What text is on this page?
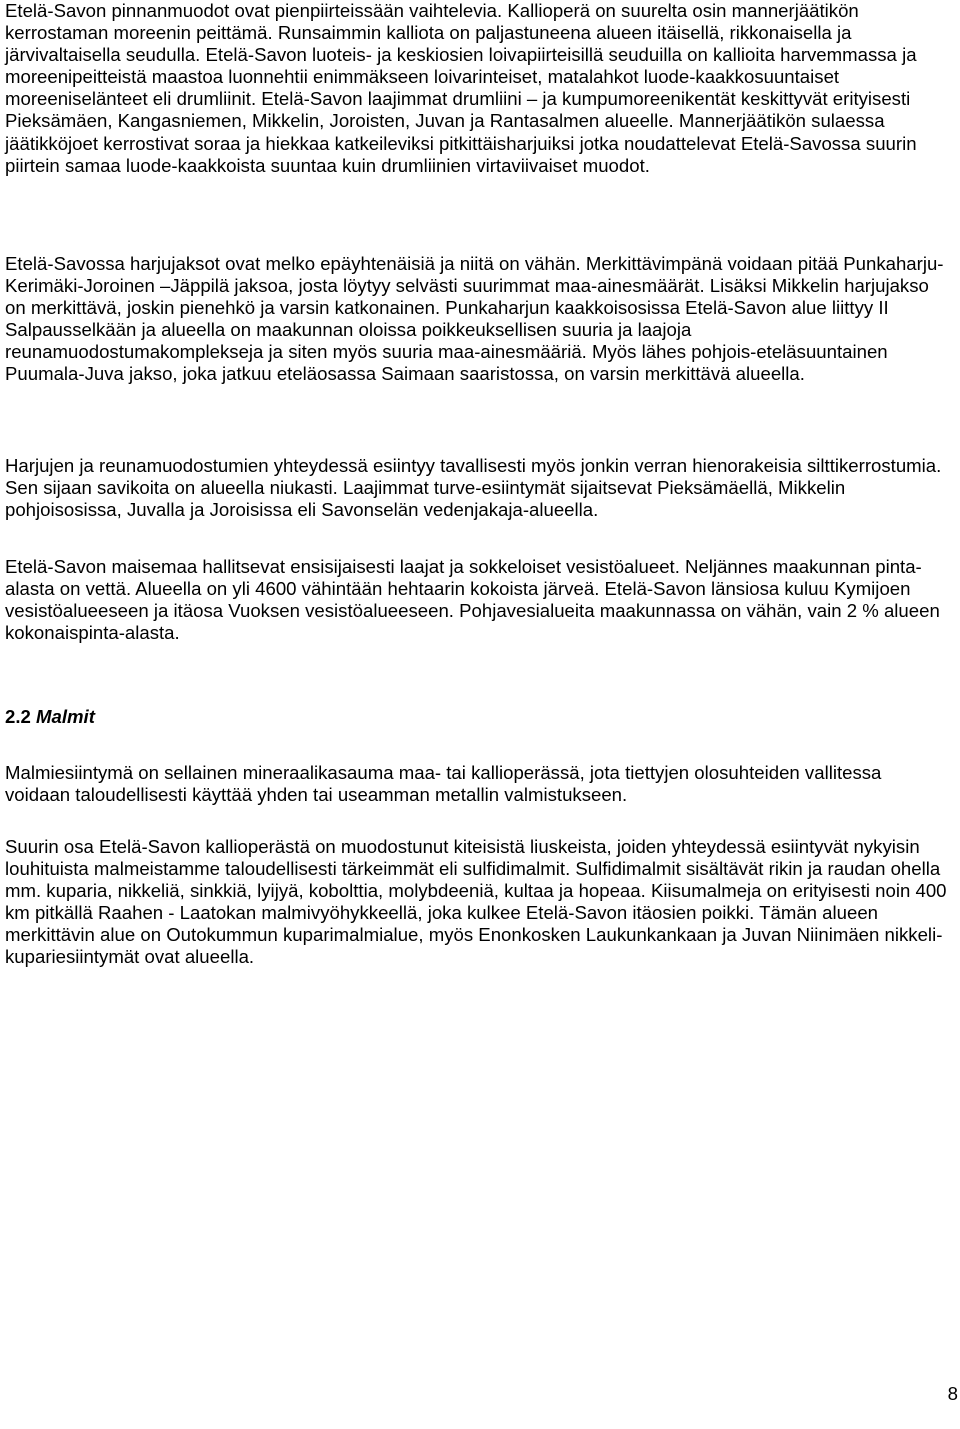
Etelä-Savon pinnanmuodot ovat pienpiirteissään vaihtelevia. Kallioperä on suurelta osin mannerjäätikön kerrostaman moreenin peittämä. Runsaimmin kalliota on paljastuneena alueen itäisellä, rikkonaisella ja järvivaltaisella seudulla. Etelä-Savon luoteis- ja keskiosien loivapiirteisillä seuduilla on kallioita harvemmassa ja moreenipeitteistä maastoa luonnehtii enimmäkseen loivarinteiset, matalahkot luode-kaakkosuuntaiset moreeniselänteet eli drumliinit. Etelä-Savon laajimmat drumliini – ja kumpumoreenikentät keskittyvät erityisesti Pieksämäen, Kangasniemen, Mikkelin, Joroisten, Juvan ja Rantasalmen alueelle. Mannerjäätikön sulaessa jäätikköjoet kerrostivat soraa ja hiekkaa katkeileviksi pitkittäisharjuiksi jotka noudattelevat Etelä-Savossa suurin piirtein samaa luode-kaakkoista suuntaa kuin drumliinien virtaviivaiset muodot.

Etelä-Savossa harjujaksot ovat melko epäyhtenäisiä ja niitä on vähän. Merkittävimpänä voidaan pitää Punkaharju-Kerimäki-Joroinen –Jäppilä jaksoa, josta löytyy selvästi suurimmat maa-ainesmäärät. Lisäksi Mikkelin harjujakso on merkittävä, joskin pienehkö ja varsin katkonainen. Punkaharjun kaakkoisosissa Etelä-Savon alue liittyy II Salpausselkään ja alueella on maakunnan oloissa poikkeuksellisen suuria ja laajoja reunamuodostumakomplekseja ja siten myös suuria maa-ainesmääriä. Myös lähes pohjois-eteläsuuntainen Puumala-Juva jakso, joka jatkuu eteläosassa Saimaan saaristossa, on varsin merkittävä alueella.

Harjujen ja reunamuodostumien yhteydessä esiintyy tavallisesti myös jonkin verran hienorakeisia silttikerrostumia. Sen sijaan savikoita on alueella niukasti. Laajimmat turve-esiintymät sijaitsevat Pieksämäellä, Mikkelin pohjoisosissa, Juvalla ja Joroisissa eli Savonselän vedenjakaja-alueella.

Etelä-Savon maisemaa hallitsevat ensisijaisesti laajat ja sokkeloiset vesistöalueet. Neljännes maakunnan pinta-alasta on vettä. Alueella on yli 4600 vähintään hehtaarin kokoista järveä. Etelä-Savon länsiosa kuluu Kymijoen vesistöalueeseen ja itäosa Vuoksen vesistöalueeseen. Pohjavesialueita maakunnassa on vähän, vain 2 % alueen kokonaispinta-alasta.

2.2 Malmit

Malmiesiintymä on sellainen mineraalikasauma maa- tai kallioperässä, jota tiettyjen olosuhteiden vallitessa voidaan taloudellisesti käyttää yhden tai useamman metallin valmistukseen.

Suurin osa Etelä-Savon kallioperästä on muodostunut kiteisistä liuskeista, joiden yhteydessä esiintyvät nykyisin louhituista malmeistamme taloudellisesti tärkeimmät eli sulfidimalmit. Sulfidimalmit sisältävät rikin ja raudan ohella mm. kuparia, nikkeliä, sinkkiä, lyijyä, kobolttia, molybdeeniä, kultaa ja hopeaa. Kiisumalmeja on erityisesti noin 400 km pitkällä Raahen - Laatokan malmivyöhykkeellä, joka kulkee Etelä-Savon itäosien poikki. Tämän alueen merkittävin alue on Outokummun kuparimalmialue, myös Enonkosken Laukunkankaan ja Juvan Niinimäen nikkeli-kupariesiintymät ovat alueella.

8
